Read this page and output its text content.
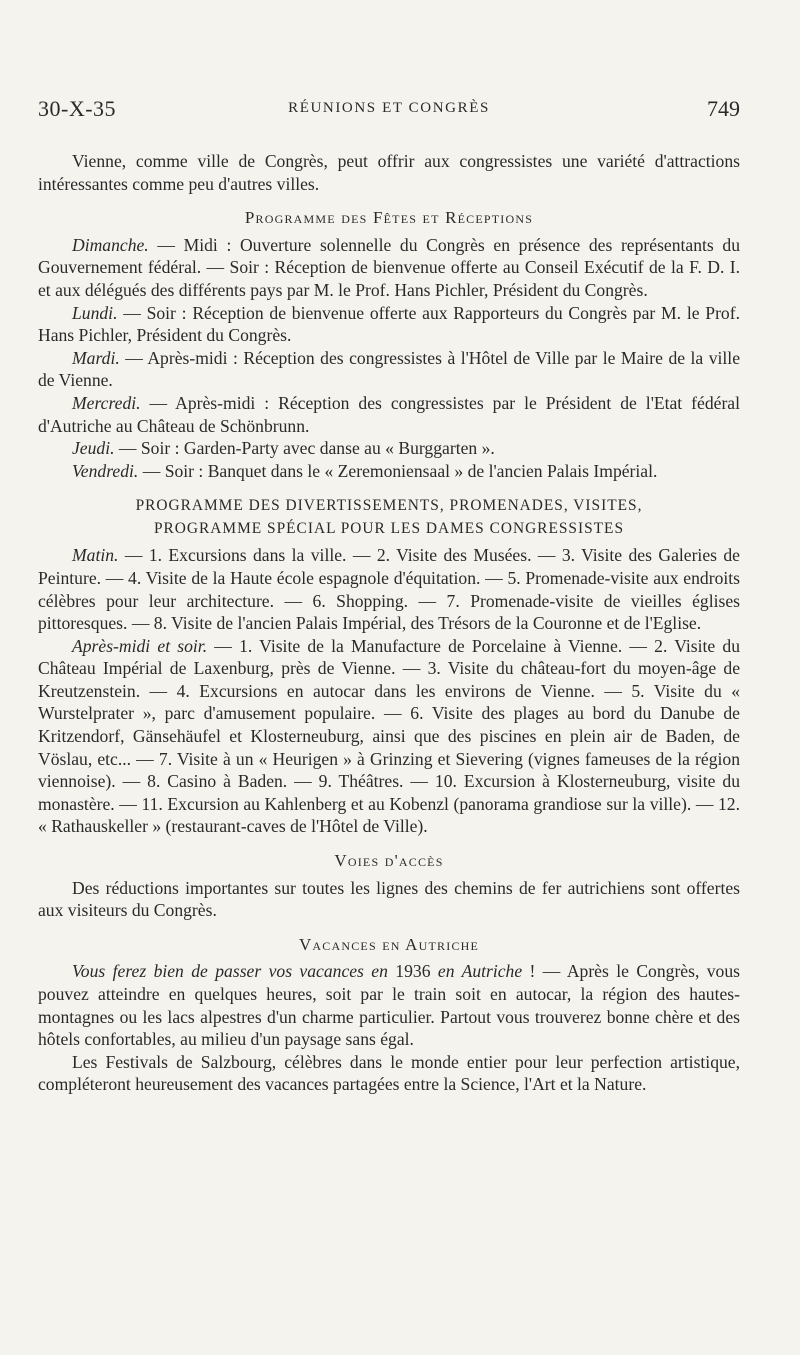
30-X-35	RÉUNIONS ET CONGRÈS	749

Vienne, comme ville de Congrès, peut offrir aux congressistes une variété d'attractions intéressantes comme peu d'autres villes.

Programme des Fêtes et Réceptions

Dimanche. — Midi : Ouverture solennelle du Congrès en présence des représentants du Gouvernement fédéral. — Soir : Réception de bienvenue offerte au Conseil Exécutif de la F. D. I. et aux délégués des différents pays par M. le Prof. Hans Pichler, Président du Congrès.

Lundi. — Soir : Réception de bienvenue offerte aux Rapporteurs du Congrès par M. le Prof. Hans Pichler, Président du Congrès.

Mardi. — Après-midi : Réception des congressistes à l'Hôtel de Ville par le Maire de la ville de Vienne.

Mercredi. — Après-midi : Réception des congressistes par le Président de l'Etat fédéral d'Autriche au Château de Schönbrunn.

Jeudi. — Soir : Garden-Party avec danse au « Burggarten ».

Vendredi. — Soir : Banquet dans le « Zeremoniensaal » de l'ancien Palais Impérial.

PROGRAMME DES DIVERTISSEMENTS, PROMENADES, VISITES,
PROGRAMME SPÉCIAL POUR LES DAMES CONGRESSISTES

Matin. — 1. Excursions dans la ville. — 2. Visite des Musées. — 3. Visite des Galeries de Peinture. — 4. Visite de la Haute école espagnole d'équitation. — 5. Promenade-visite aux endroits célèbres pour leur architecture. — 6. Shopping. — 7. Promenade-visite de vieilles églises pittoresques. — 8. Visite de l'ancien Palais Impérial, des Trésors de la Couronne et de l'Eglise.

Après-midi et soir. — 1. Visite de la Manufacture de Porcelaine à Vienne. — 2. Visite du Château Impérial de Laxenburg, près de Vienne. — 3. Visite du château-fort du moyen-âge de Kreutzenstein. — 4. Excursions en autocar dans les environs de Vienne. — 5. Visite du « Wurstelprater », parc d'amusement populaire. — 6. Visite des plages au bord du Danube de Kritzendorf, Gänsehäufel et Klosterneuburg, ainsi que des piscines en plein air de Baden, de Vöslau, etc... — 7. Visite à un « Heurigen » à Grinzing et Sievering (vignes fameuses de la région viennoise). — 8. Casino à Baden. — 9. Théâtres. — 10. Excursion à Klosterneuburg, visite du monastère. — 11. Excursion au Kahlenberg et au Kobenzl (panorama grandiose sur la ville). — 12. « Rathauskeller » (restaurant-caves de l'Hôtel de Ville).

Voies d'accès

Des réductions importantes sur toutes les lignes des chemins de fer autrichiens sont offertes aux visiteurs du Congrès.

Vacances en Autriche

Vous ferez bien de passer vos vacances en 1936 en Autriche ! — Après le Congrès, vous pouvez atteindre en quelques heures, soit par le train soit en autocar, la région des hautes-montagnes ou les lacs alpestres d'un charme particulier. Partout vous trouverez bonne chère et des hôtels confortables, au milieu d'un paysage sans égal.

Les Festivals de Salzbourg, célèbres dans le monde entier pour leur perfection artistique, compléteront heureusement des vacances partagées entre la Science, l'Art et la Nature.
